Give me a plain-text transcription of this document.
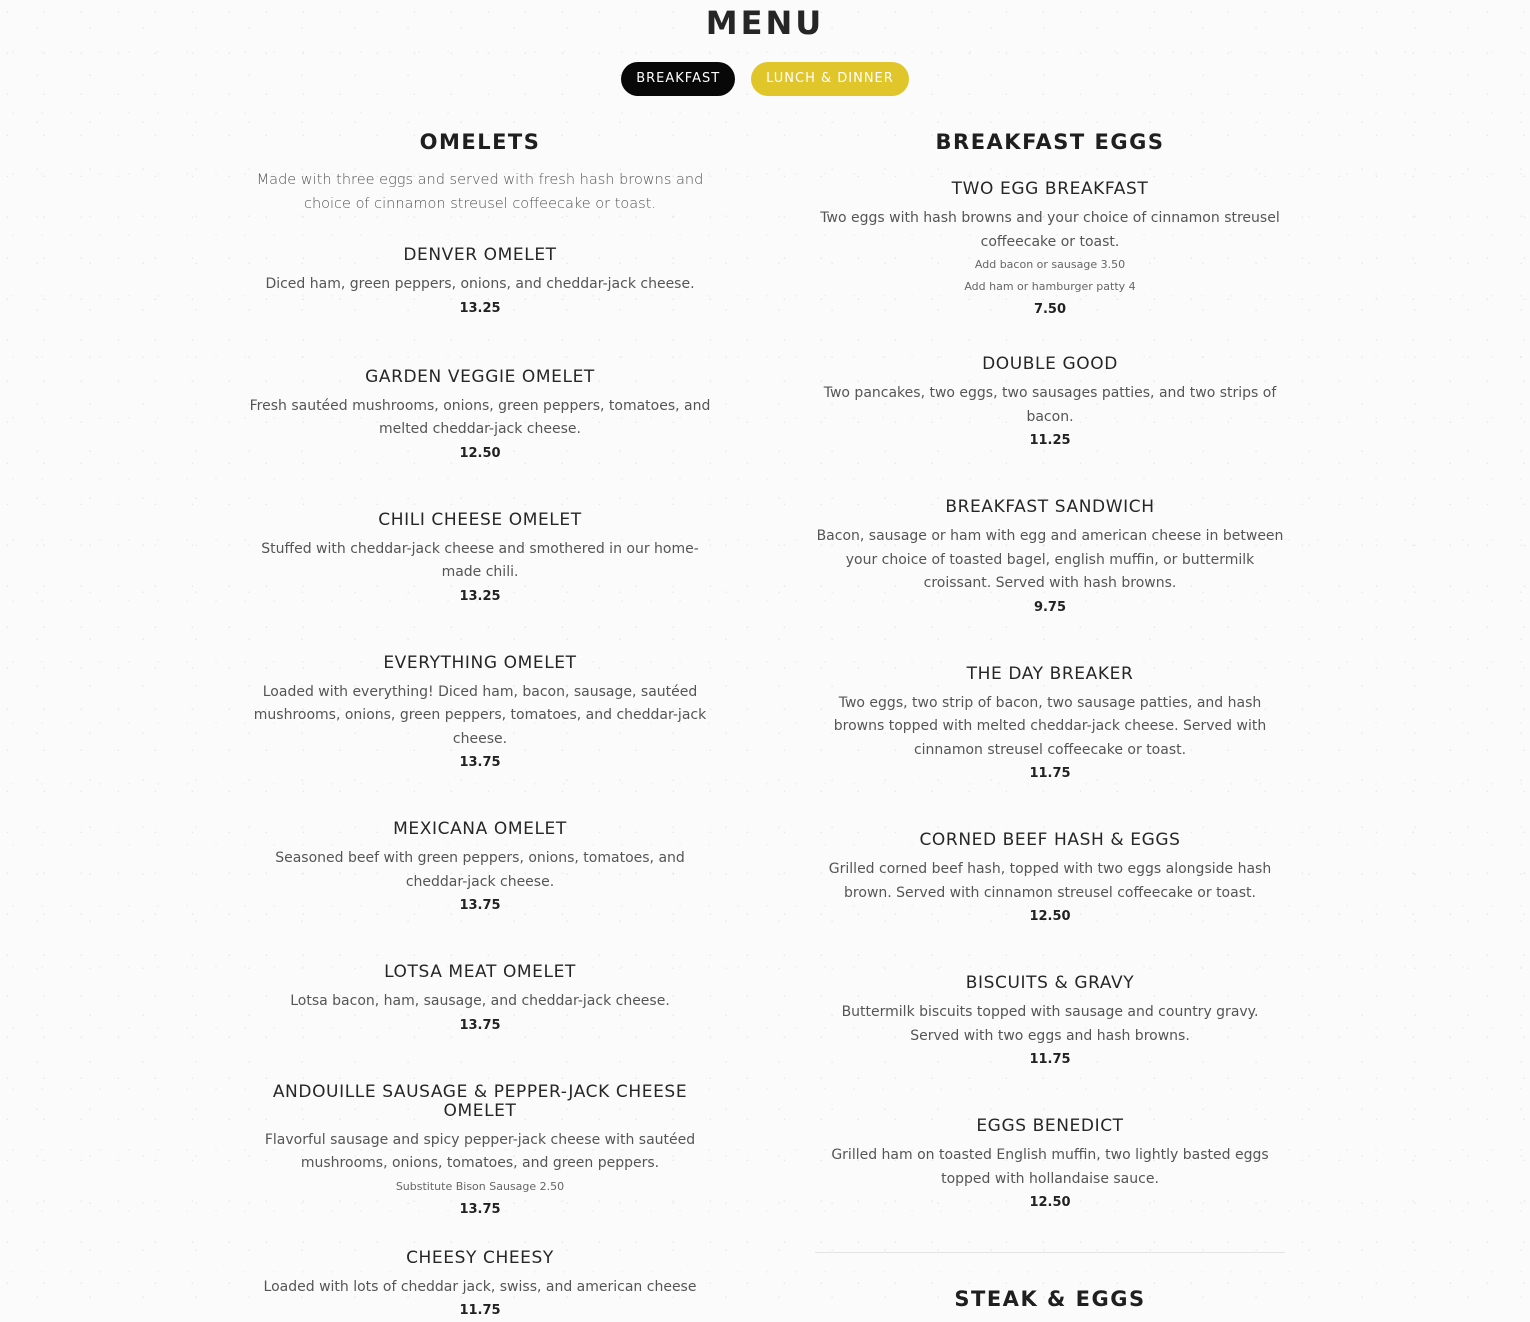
MENU
BREAKFAST	LUNCH & DINNER
OMELETS

Made with three eggs and served with fresh hash browns and choice of cinnamon streusel coffeecake or toast.

DENVER OMELET

Diced ham, green peppers, onions, and cheddar-jack cheese.

13.25

GARDEN VEGGIE OMELET

Fresh sautéed mushrooms, onions, green peppers, tomatoes, and melted cheddar-jack cheese.

12.50

CHILI CHEESE OMELET

Stuffed with cheddar-jack cheese and smothered in our home-made chili.

13.25

EVERYTHING OMELET

Loaded with everything! Diced ham, bacon, sausage, sautéed mushrooms, onions, green peppers, tomatoes, and cheddar-jack cheese.

13.75

MEXICANA OMELET

Seasoned beef with green peppers, onions, tomatoes, and cheddar-jack cheese.

13.75

LOTSA MEAT OMELET

Lotsa bacon, ham, sausage, and cheddar-jack cheese.

13.75

ANDOUILLE SAUSAGE & PEPPER-JACK CHEESE OMELET

Flavorful sausage and spicy pepper-jack cheese with sautéed mushrooms, onions, tomatoes, and green peppers.

Substitute Bison Sausage 2.50

13.75

CHEESY CHEESY

Loaded with lots of cheddar jack, swiss, and american cheese

11.75

BREAKFAST EGGS
TWO EGG BREAKFAST

Two eggs with hash browns and your choice of cinnamon streusel coffeecake or toast.

Add bacon or sausage 3.50

Add ham or hamburger patty 4

7.50

DOUBLE GOOD

Two pancakes, two eggs, two sausages patties, and two strips of bacon.

11.25

BREAKFAST SANDWICH

Bacon, sausage or ham with egg and american cheese in between your choice of toasted bagel, english muffin, or buttermilk croissant. Served with hash browns.

9.75

THE DAY BREAKER

Two eggs, two strip of bacon, two sausage patties, and hash browns topped with melted cheddar-jack cheese. Served with cinnamon streusel coffeecake or toast.

11.75

CORNED BEEF HASH & EGGS

Grilled corned beef hash, topped with two eggs alongside hash brown. Served with cinnamon streusel coffeecake or toast.

12.50

BISCUITS & GRAVY

Buttermilk biscuits topped with sausage and country gravy. Served with two eggs and hash browns.

11.75

EGGS BENEDICT

Grilled ham on toasted English muffin, two lightly basted eggs topped with hollandaise sauce.

12.50

STEAK & EGGS
